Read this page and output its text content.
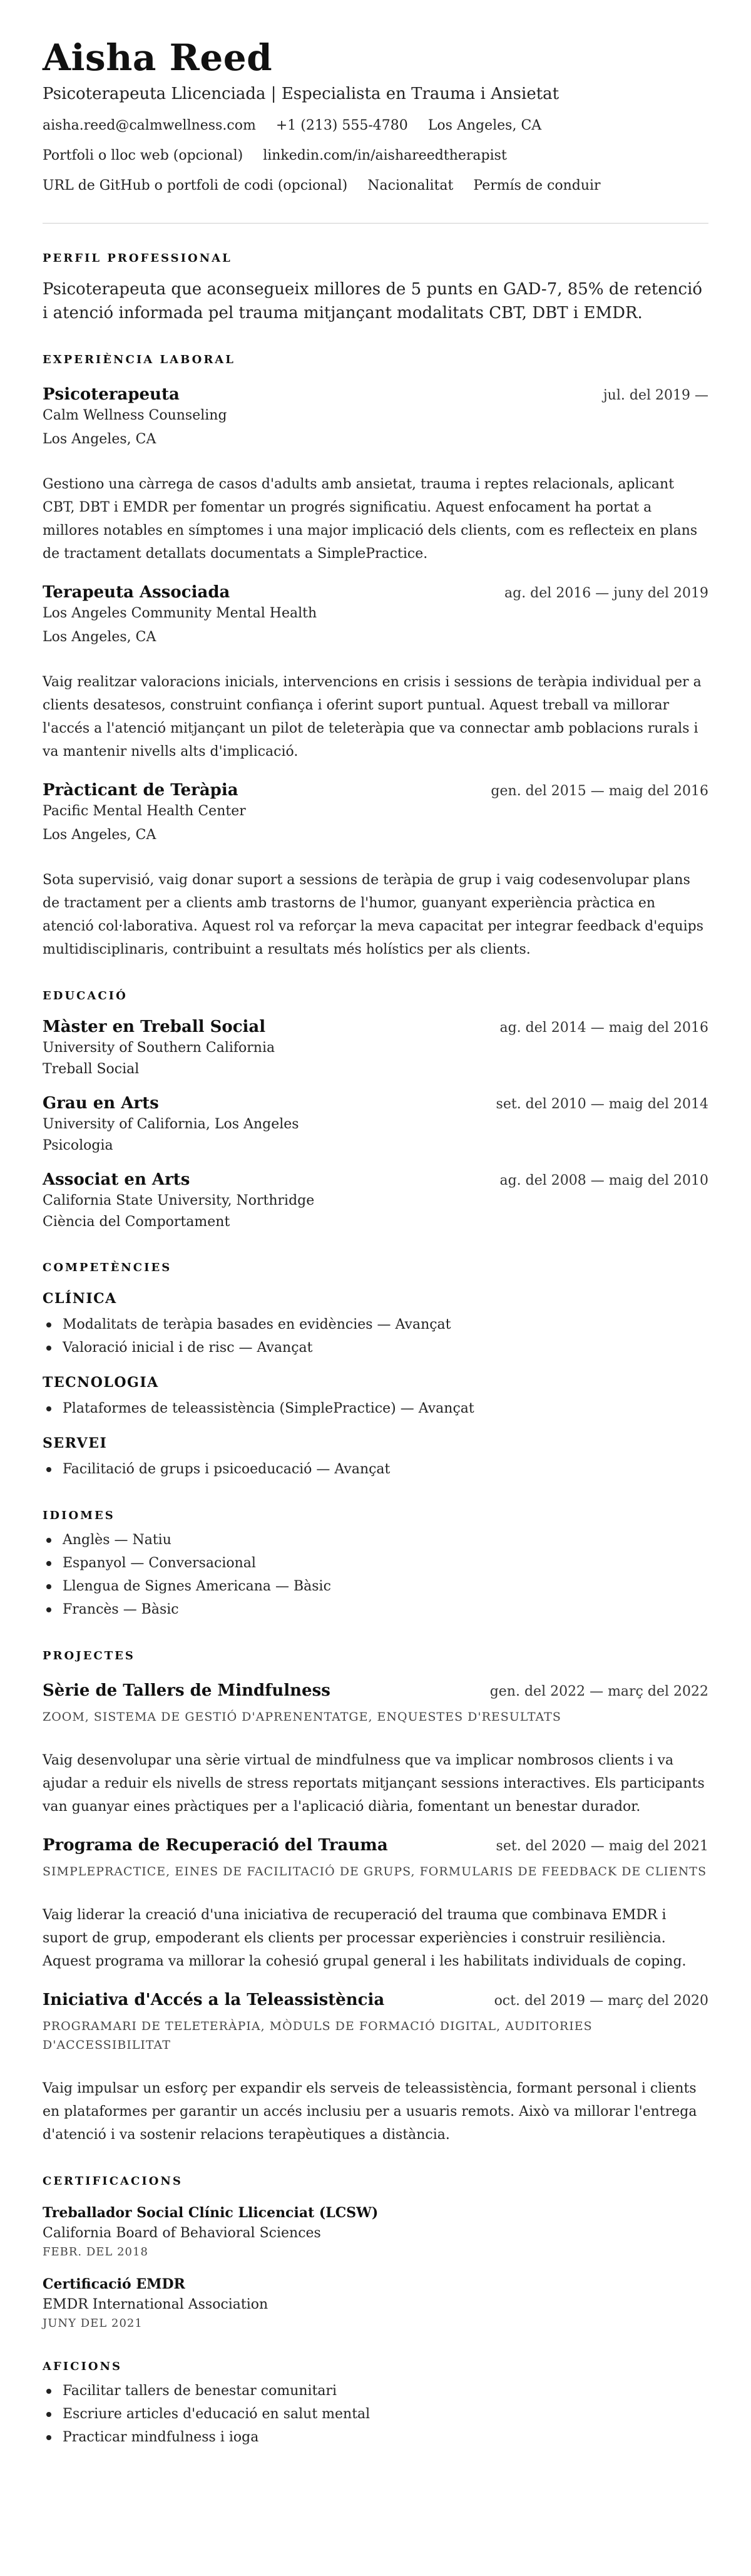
Aisha Reed
Psicoterapeuta Llicenciada | Especialista en Trauma i Ansietat
aisha.reed@calmwellness.com +1 (213) 555-4780 Los Angeles, CA
Portfoli o lloc web (opcional) linkedin.com/in/aishareedtherapist
URL de GitHub o portfoli de codi (opcional) Nacionalitat Permís de conduir
PERFIL PROFESSIONAL
Psicoterapeuta que aconsegueix millores de 5 punts en GAD-7, 85% de retenció i atenció informada pel trauma mitjançant modalitats CBT, DBT i EMDR.
EXPERIÈNCIA LABORAL
Psicoterapeuta	jul. del 2019 —
Calm Wellness Counseling
Los Angeles, CA
Gestiono una càrrega de casos d'adults amb ansietat, trauma i reptes relacionals, aplicant CBT, DBT i EMDR per fomentar un progrés significatiu. Aquest enfocament ha portat a millores notables en símptomes i una major implicació dels clients, com es reflecteix en plans de tractament detallats documentats a SimplePractice.
Terapeuta Associada	ag. del 2016 — juny del 2019
Los Angeles Community Mental Health
Los Angeles, CA
Vaig realitzar valoracions inicials, intervencions en crisis i sessions de teràpia individual per a clients desatesos, construint confiança i oferint suport puntual. Aquest treball va millorar l'accés a l'atenció mitjançant un pilot de teleteràpia que va connectar amb poblacions rurals i va mantenir nivells alts d'implicació.
Pràcticant de Teràpia	gen. del 2015 — maig del 2016
Pacific Mental Health Center
Los Angeles, CA
Sota supervisió, vaig donar suport a sessions de teràpia de grup i vaig codesenvolupar plans de tractament per a clients amb trastorns de l'humor, guanyant experiència pràctica en atenció col·laborativa. Aquest rol va reforçar la meva capacitat per integrar feedback d'equips multidisciplinaris, contribuint a resultats més holístics per als clients.
EDUCACIÓ
Màster en Treball Social	ag. del 2014 — maig del 2016
University of Southern California
Treball Social
Grau en Arts	set. del 2010 — maig del 2014
University of California, Los Angeles
Psicologia
Associat en Arts	ag. del 2008 — maig del 2010
California State University, Northridge
Ciència del Comportament
COMPETÈNCIES
CLÍNICA
Modalitats de teràpia basades en evidències — Avançat
Valoració inicial i de risc — Avançat
TECNOLOGIA
Plataformes de teleassistència (SimplePractice) — Avançat
SERVEI
Facilitació de grups i psicoeducació — Avançat
IDIOMES
Anglès — Natiu
Espanyol — Conversacional
Llengua de Signes Americana — Bàsic
Francès — Bàsic
PROJECTES
Sèrie de Tallers de Mindfulness	gen. del 2022 — març del 2022
ZOOM, SISTEMA DE GESTIÓ D'APRENENTATGE, ENQUESTES D'RESULTATS
Vaig desenvolupar una sèrie virtual de mindfulness que va implicar nombrosos clients i va ajudar a reduir els nivells de stress reportats mitjançant sessions interactives. Els participants van guanyar eines pràctiques per a l'aplicació diària, fomentant un benestar durador.
Programa de Recuperació del Trauma	set. del 2020 — maig del 2021
SIMPLEPRACTICE, EINES DE FACILITACIÓ DE GRUPS, FORMULARIS DE FEEDBACK DE CLIENTS
Vaig liderar la creació d'una iniciativa de recuperació del trauma que combinava EMDR i suport de grup, empoderant els clients per processar experiències i construir resiliència. Aquest programa va millorar la cohesió grupal general i les habilitats individuals de coping.
Iniciativa d'Accés a la Teleassistència	oct. del 2019 — març del 2020
PROGRAMARI DE TELETERÀPIA, MÒDULS DE FORMACIÓ DIGITAL, AUDITORIES D'ACCESSIBILITAT
Vaig impulsar un esforç per expandir els serveis de teleassistència, formant personal i clients en plataformes per garantir un accés inclusiu per a usuaris remots. Això va millorar l'entrega d'atenció i va sostenir relacions terapèutiques a distància.
CERTIFICACIONS
Treballador Social Clínic Llicenciat (LCSW)
California Board of Behavioral Sciences
FEBR. DEL 2018
Certificació EMDR
EMDR International Association
JUNY DEL 2021
AFICIONS
Facilitar tallers de benestar comunitari
Escriure articles d'educació en salut mental
Practicar mindfulness i ioga
